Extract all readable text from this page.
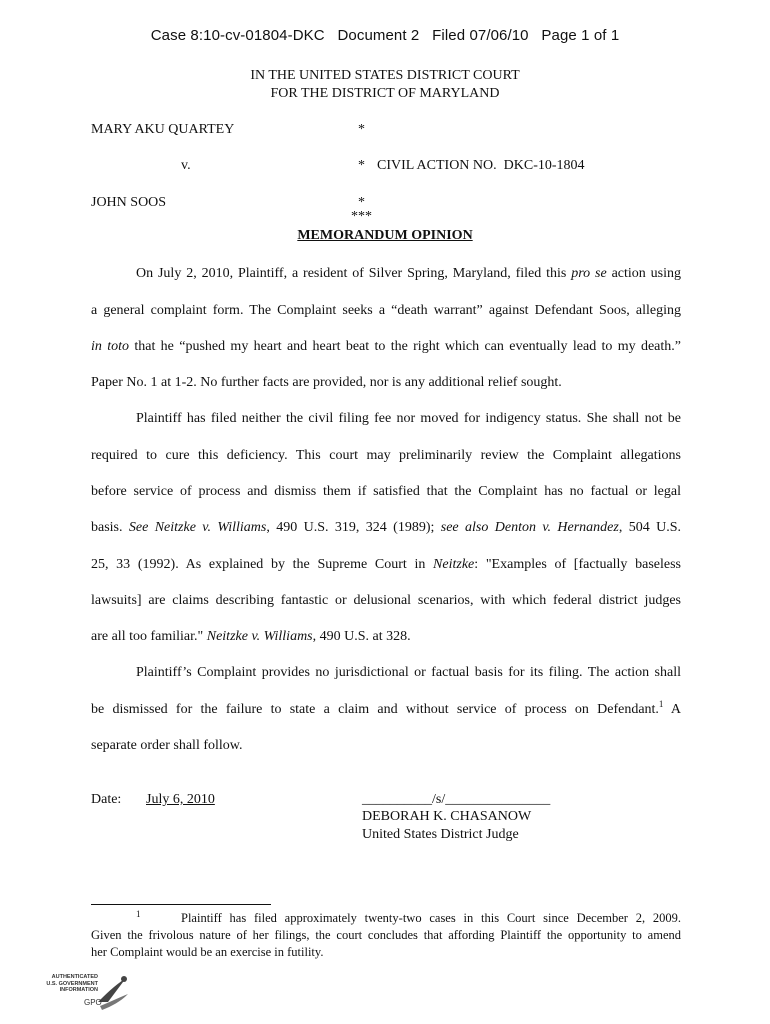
Case 8:10-cv-01804-DKC   Document 2   Filed 07/06/10   Page 1 of 1
IN THE UNITED STATES DISTRICT COURT
FOR THE DISTRICT OF MARYLAND
MARY AKU QUARTEY	*
v.	* CIVIL ACTION NO.  DKC-10-1804
JOHN SOOS	*
***
MEMORANDUM OPINION
On July 2, 2010, Plaintiff, a resident of Silver Spring, Maryland, filed this pro se action using
a general complaint form. The Complaint seeks a “death warrant” against Defendant Soos, alleging
in toto that he “pushed my heart and heart beat to the right which can eventually lead to my death.”
Paper No. 1 at 1-2. No further facts are provided, nor is any additional relief sought.
Plaintiff has filed neither the civil filing fee nor moved for indigency status. She shall not be
required to cure this deficiency. This court may preliminarily review the Complaint allegations
before service of process and dismiss them if satisfied that the Complaint has no factual or legal
basis. See Neitzke v. Williams, 490 U.S. 319, 324 (1989); see also Denton v. Hernandez, 504 U.S.
25, 33 (1992). As explained by the Supreme Court in Neitzke: "Examples of [factually baseless
lawsuits] are claims describing fantastic or delusional scenarios, with which federal district judges
are all too familiar." Neitzke v. Williams, 490 U.S. at 328.
Plaintiff’s Complaint provides no jurisdictional or factual basis for its filing. The action shall
be dismissed for the failure to state a claim and without service of process on Defendant.$^1$ A
separate order shall follow.
Date: July 6, 2010	__________/s/_______________
DEBORAH K. CHASANOW
United States District Judge
1	Plaintiff has filed approximately twenty-two cases in this Court since December 2, 2009.
Given the frivolous nature of her filings, the court concludes that affording Plaintiff the opportunity to amend
her Complaint would be an exercise in futility.
AUTHENTICATED
U.S. GOVERNMENT
INFORMATION
GPO
